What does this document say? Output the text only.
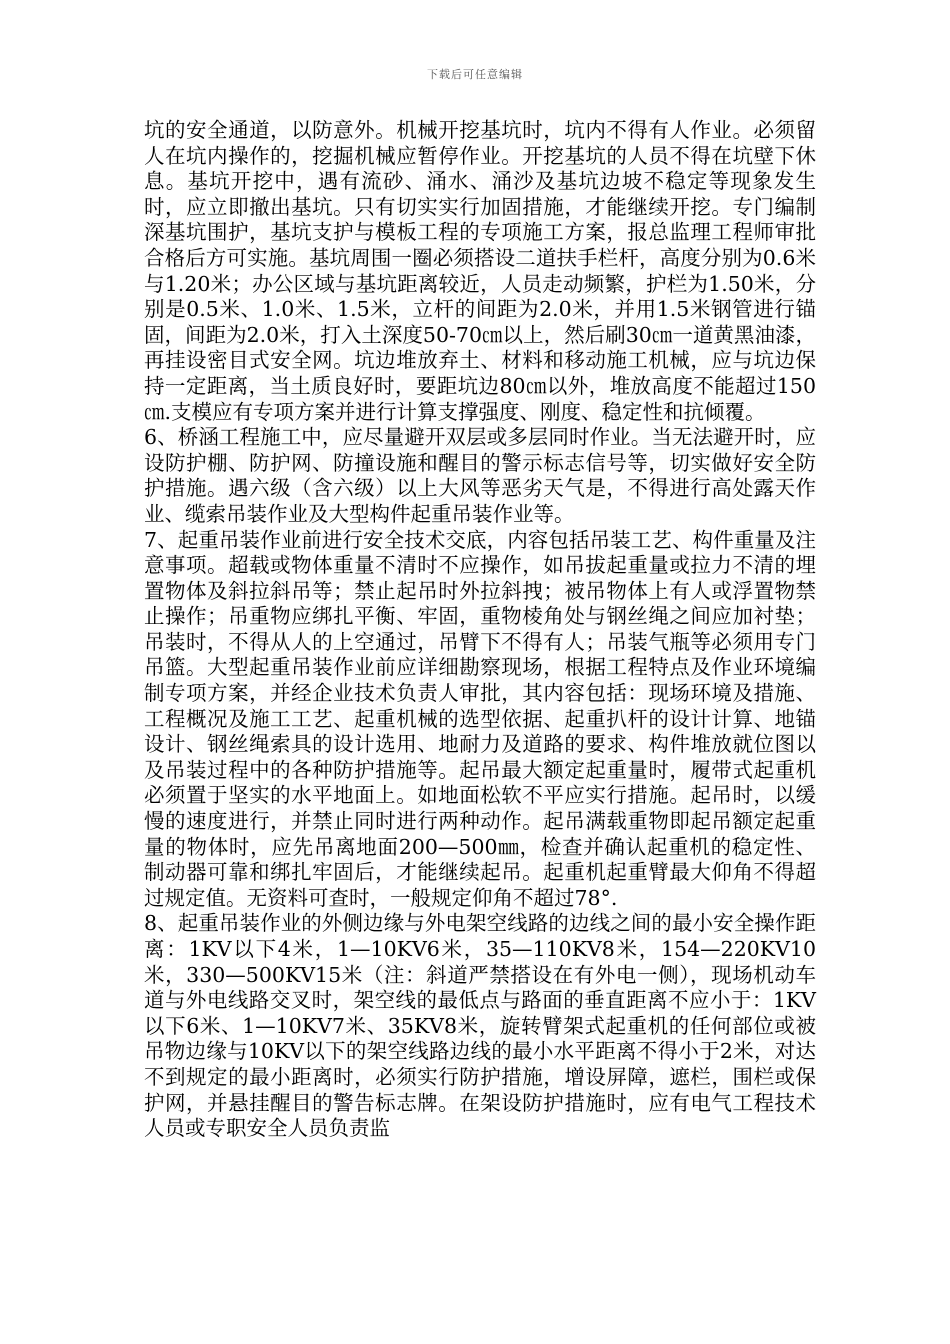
下载后可任意编辑

坑的安全通道，以防意外。机械开挖基坑时，坑内不得有人作业。必须留人在坑内操作的，挖掘机械应暂停作业。开挖基坑的人员不得在坑壁下休息。基坑开挖中，遇有流砂、涌水、涌沙及基坑边坡不稳定等现象发生时，应立即撤出基坑。只有切实实行加固措施，才能继续开挖。专门编制深基坑围护，基坑支护与模板工程的专项施工方案，报总监理工程师审批合格后方可实施。基坑周围一圈必须搭设二道扶手栏杆，高度分别为0.6米与1.20米；办公区域与基坑距离较近，人员走动频繁，护栏为1.50米，分别是0.5米、1.0米、1.5米，立杆的间距为2.0米，并用1.5米钢管进行锚固，间距为2.0米，打入土深度50-70㎝以上，然后刷30㎝一道黄黑油漆，再挂设密目式安全网。坑边堆放弃土、材料和移动施工机械，应与坑边保持一定距离，当土质良好时，要距坑边80㎝以外，堆放高度不能超过150㎝.支模应有专项方案并进行计算支撑强度、刚度、稳定性和抗倾覆。

6、桥涵工程施工中，应尽量避开双层或多层同时作业。当无法避开时，应设防护棚、防护网、防撞设施和醒目的警示标志信号等，切实做好安全防护措施。遇六级（含六级）以上大风等恶劣天气是，不得进行高处露天作业、缆索吊装作业及大型构件起重吊装作业等。

7、起重吊装作业前进行安全技术交底，内容包括吊装工艺、构件重量及注意事项。超载或物体重量不清时不应操作，如吊拔起重量或拉力不清的埋置物体及斜拉斜吊等；禁止起吊时外拉斜拽；被吊物体上有人或浮置物禁止操作；吊重物应绑扎平衡、牢固，重物棱角处与钢丝绳之间应加衬垫；吊装时，不得从人的上空通过，吊臂下不得有人；吊装气瓶等必须用专门吊篮。大型起重吊装作业前应详细勘察现场，根据工程特点及作业环境编制专项方案，并经企业技术负责人审批，其内容包括：现场环境及措施、工程概况及施工工艺、起重机械的选型依据、起重扒杆的设计计算、地锚设计、钢丝绳索具的设计选用、地耐力及道路的要求、构件堆放就位图以及吊装过程中的各种防护措施等。起吊最大额定起重量时，履带式起重机必须置于坚实的水平地面上。如地面松软不平应实行措施。起吊时，以缓慢的速度进行，并禁止同时进行两种动作。起吊满载重物即起吊额定起重量的物体时，应先吊离地面200—500㎜，检查并确认起重机的稳定性、制动器可靠和绑扎牢固后，才能继续起吊。起重机起重臂最大仰角不得超过规定值。无资料可查时，一般规定仰角不超过78°.

8、起重吊装作业的外侧边缘与外电架空线路的边线之间的最小安全操作距离：1KV以下4米，1—10KV6米，35—110KV8米，154—220KV10米，330—500KV15米（注：斜道严禁搭设在有外电一侧），现场机动车道与外电线路交叉时，架空线的最低点与路面的垂直距离不应小于：1KV以下6米、1—10KV7米、35KV8米，旋转臂架式起重机的任何部位或被吊物边缘与10KV以下的架空线路边线的最小水平距离不得小于2米，对达不到规定的最小距离时，必须实行防护措施，增设屏障，遮栏，围栏或保护网，并悬挂醒目的警告标志牌。在架设防护措施时，应有电气工程技术人员或专职安全人员负责监
